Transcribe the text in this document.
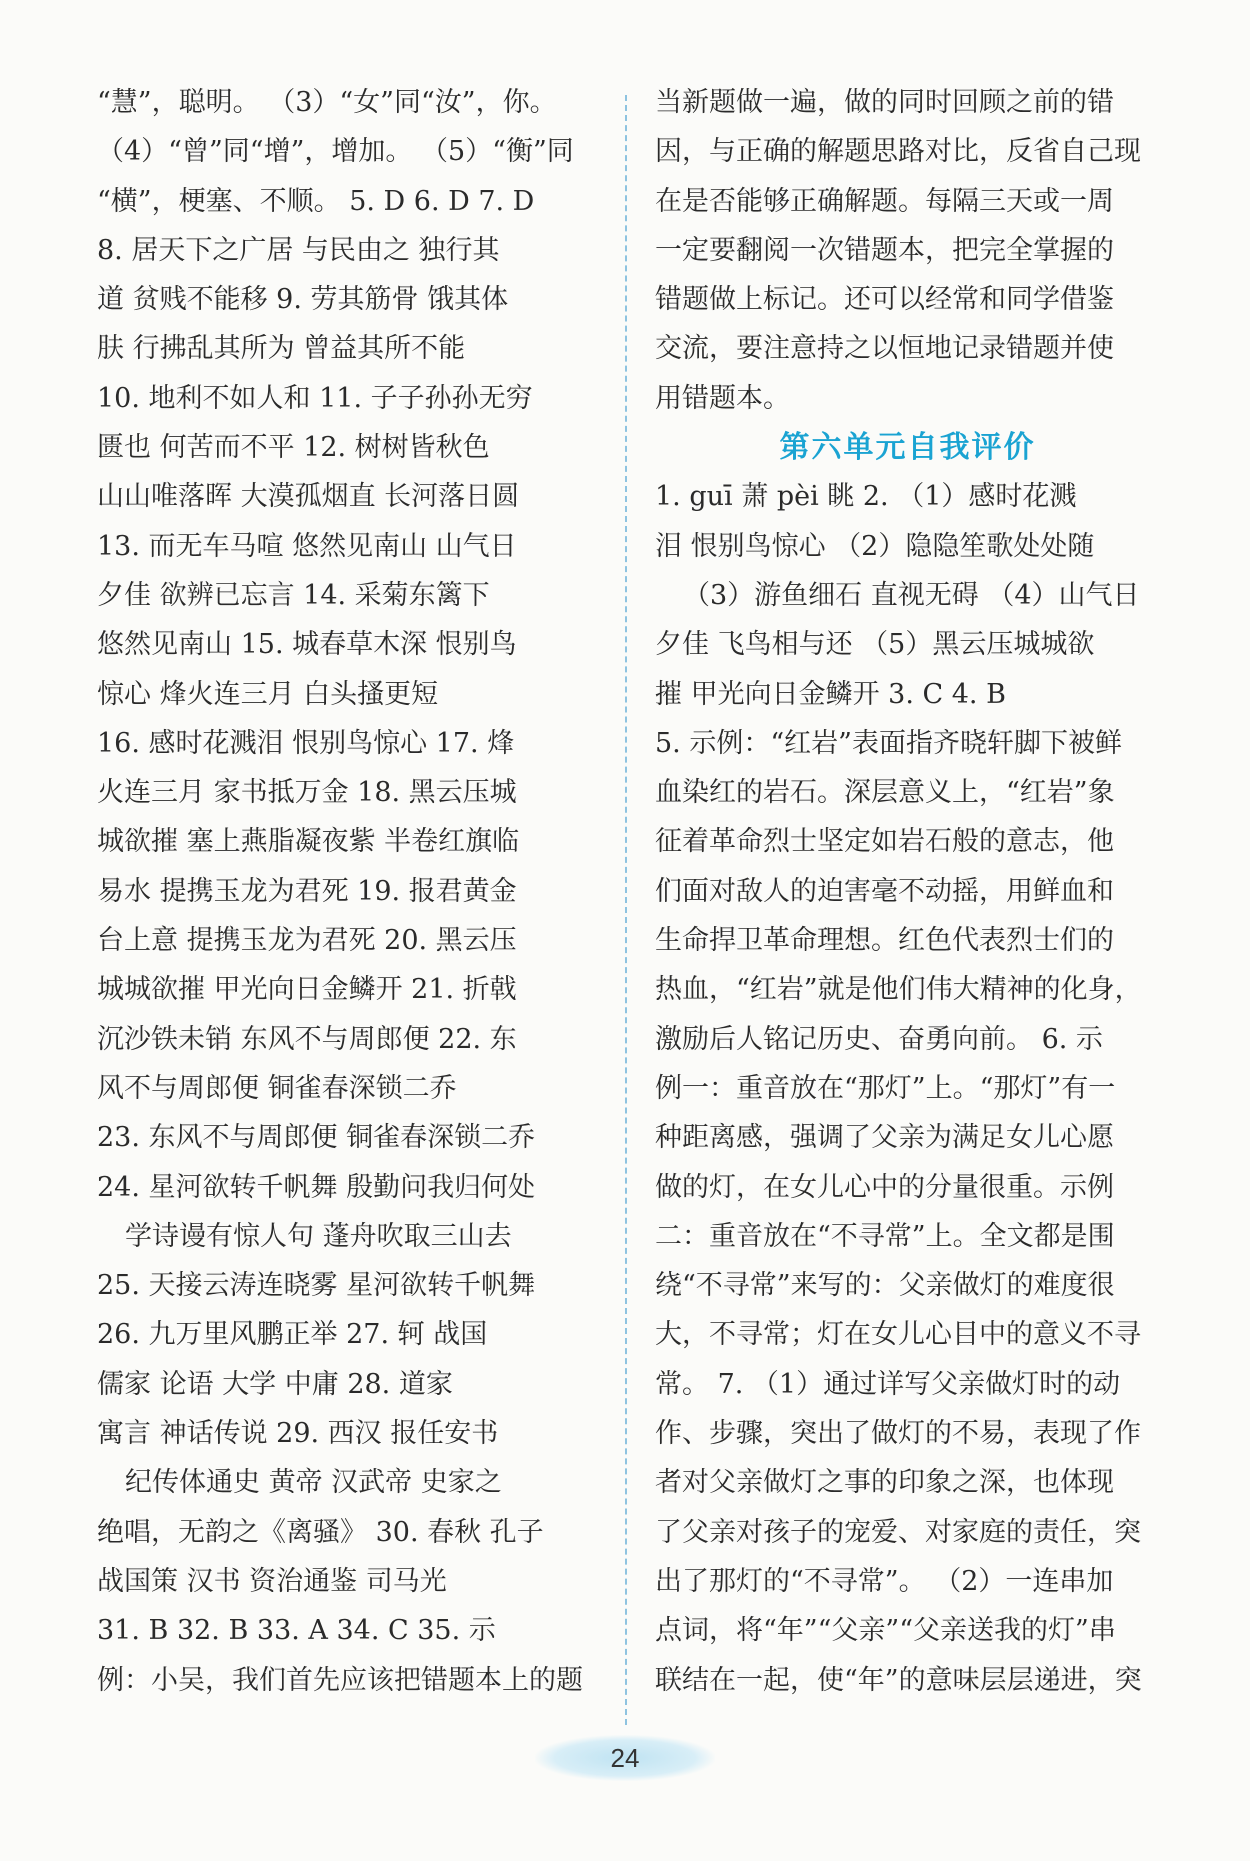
“慧”，聪明。 （3）“女”同“汝”，你。
（4）“曾”同“增”，增加。 （5）“衡”同
“横”，梗塞、不顺。 5. D 6. D 7. D
8. 居天下之广居 与民由之 独行其
道 贫贱不能移 9. 劳其筋骨 饿其体
肤 行拂乱其所为 曾益其所不能
10. 地利不如人和 11. 子子孙孙无穷
匮也 何苦而不平 12. 树树皆秋色
山山唯落晖 大漠孤烟直 长河落日圆
13. 而无车马喧 悠然见南山 山气日
夕佳 欲辨已忘言 14. 采菊东篱下
悠然见南山 15. 城春草木深 恨别鸟
惊心 烽火连三月 白头搔更短
16. 感时花溅泪 恨别鸟惊心 17. 烽
火连三月 家书抵万金 18. 黑云压城
城欲摧 塞上燕脂凝夜紫 半卷红旗临
易水 提携玉龙为君死 19. 报君黄金
台上意 提携玉龙为君死 20. 黑云压
城城欲摧 甲光向日金鳞开 21. 折戟
沉沙铁未销 东风不与周郎便 22. 东
风不与周郎便 铜雀春深锁二乔
23. 东风不与周郎便 铜雀春深锁二乔
24. 星河欲转千帆舞 殷勤问我归何处
学诗谩有惊人句 蓬舟吹取三山去
25. 天接云涛连晓雾 星河欲转千帆舞
26. 九万里风鹏正举 27. 轲 战国
儒家 论语 大学 中庸 28. 道家
寓言 神话传说 29. 西汉 报任安书
纪传体通史 黄帝 汉武帝 史家之
绝唱，无韵之《离骚》 30. 春秋 孔子
战国策 汉书 资治通鉴 司马光
31. B 32. B 33. A 34. C 35. 示
例：小吴，我们首先应该把错题本上的题
当新题做一遍，做的同时回顾之前的错
因，与正确的解题思路对比，反省自己现
在是否能够正确解题。每隔三天或一周
一定要翻阅一次错题本，把完全掌握的
错题做上标记。还可以经常和同学借鉴
交流，要注意持之以恒地记录错题并使
用错题本。
第六单元自我评价
1. guī 萧 pèi 眺 2. （1）感时花溅
泪 恨别鸟惊心 （2）隐隐笙歌处处随
（3）游鱼细石 直视无碍 （4）山气日
夕佳 飞鸟相与还 （5）黑云压城城欲
摧 甲光向日金鳞开 3. C 4. B
5. 示例：“红岩”表面指齐晓轩脚下被鲜
血染红的岩石。深层意义上，“红岩”象
征着革命烈士坚定如岩石般的意志，他
们面对敌人的迫害毫不动摇，用鲜血和
生命捍卫革命理想。红色代表烈士们的
热血，“红岩”就是他们伟大精神的化身，
激励后人铭记历史、奋勇向前。 6. 示
例一：重音放在“那灯”上。“那灯”有一
种距离感，强调了父亲为满足女儿心愿
做的灯，在女儿心中的分量很重。示例
二：重音放在“不寻常”上。全文都是围
绕“不寻常”来写的：父亲做灯的难度很
大，不寻常；灯在女儿心目中的意义不寻
常。 7. （1）通过详写父亲做灯时的动
作、步骤，突出了做灯的不易，表现了作
者对父亲做灯之事的印象之深，也体现
了父亲对孩子的宠爱、对家庭的责任，突
出了那灯的“不寻常”。 （2）一连串加
点词，将“年”“父亲”“父亲送我的灯”串
联结在一起，使“年”的意味层层递进，突
24
